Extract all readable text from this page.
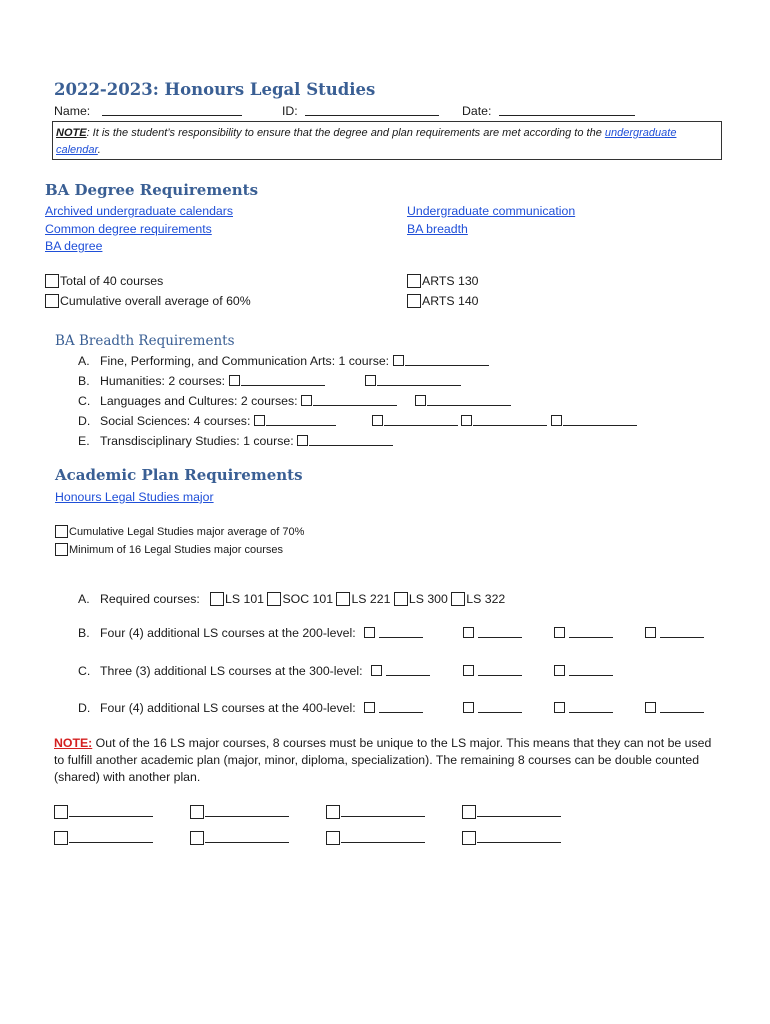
2022-2023: Honours Legal Studies
Name:	ID:	Date:
NOTE: It is the student’s responsibility to ensure that the degree and plan requirements are met according to the undergraduate calendar.
BA Degree Requirements
Archived undergraduate calendars
Common degree requirements
BA degree
Undergraduate communication
BA breadth
Total of 40 courses
Cumulative overall average of 60%
ARTS 130
ARTS 140
BA Breadth Requirements
A. Fine, Performing, and Communication Arts: 1 course:
B. Humanities: 2 courses:
C. Languages and Cultures: 2 courses:
D. Social Sciences: 4 courses:
E. Transdisciplinary Studies: 1 course:
Academic Plan Requirements
Honours Legal Studies major
Cumulative Legal Studies major average of 70%
Minimum of 16 Legal Studies major courses
A. Required courses: LS 101 SOC 101 LS 221 LS 300 LS 322
B. Four (4) additional LS courses at the 200-level:

C. Three (3) additional LS courses at the 300-level:

D. Four (4) additional LS courses at the 400-level:

NOTE: Out of the 16 LS major courses, 8 courses must be unique to the LS major. This means that they can not be used to fulfill another academic plan (major, minor, diploma, specialization). The remaining 8 courses can be double counted (shared) with another plan.
